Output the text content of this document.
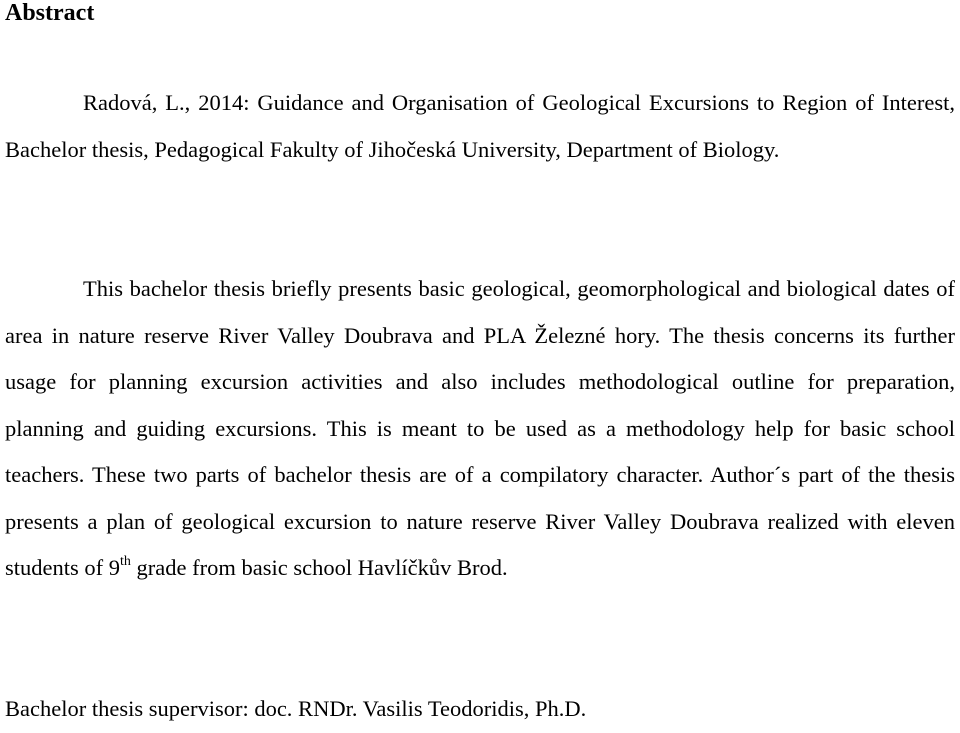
Abstract

Radová, L., 2014: Guidance and Organisation of Geological Excursions to Region of Interest, Bachelor thesis, Pedagogical Fakulty of Jihočeská University, Department of Biology.

This bachelor thesis briefly presents basic geological, geomorphological and biological dates of area in nature reserve River Valley Doubrava and PLA Železné hory. The thesis concerns its further usage for planning excursion activities and also includes methodological outline for preparation, planning and guiding excursions. This is meant to be used as a methodology help for basic school teachers. These two parts of bachelor thesis are of a compilatory character. Author´s part of the thesis presents a plan of geological excursion to nature reserve River Valley Doubrava realized with eleven students of 9th grade from basic school Havlíčkův Brod.

Bachelor thesis supervisor: doc. RNDr. Vasilis Teodoridis, Ph.D.
